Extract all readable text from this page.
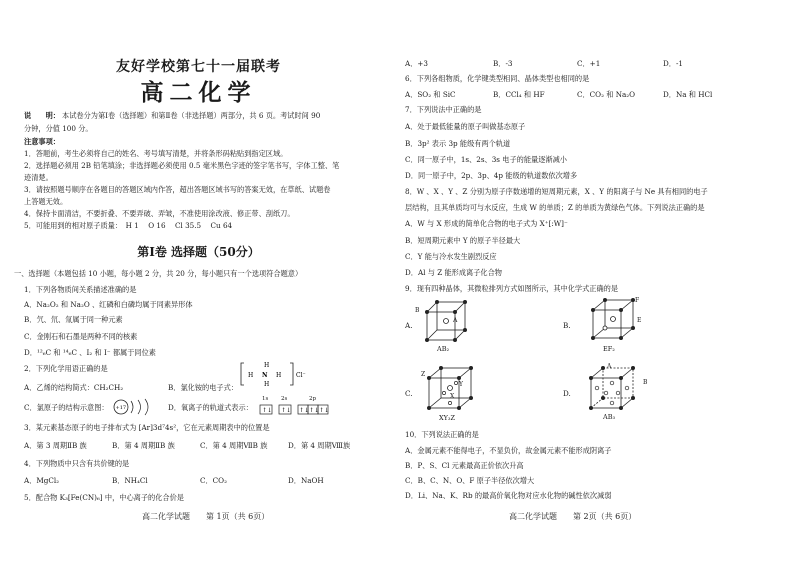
友好学校第七十一届联考
高二化学
说　　明： 本试卷分为第Ⅰ卷（选择题）和第Ⅱ卷（非选择题）两部分，共 6 页。考试时间 90
分钟，分值 100 分。
注意事项：
1．答题前，考生必须将自己的姓名、考号填写清楚，并将条形码粘贴到指定区域。
2．选择题必须用 2B 铅笔填涂；非选择题必须使用 0.5 毫米黑色字迹的签字笔书写，字体工整、笔
迹清楚。
3．请按照题号顺序在各题目的答题区域内作答，超出答题区域书写的答案无效，在草纸、试题卷
上答题无效。
4．保持卡面清洁，不要折叠、不要弄破、弄皱，不准使用涂改液、修正带、刮纸刀。
5．可能用到的相对原子质量：　H 1　 O 16　 Cl 35.5　 Cu 64
第Ⅰ卷 选择题（50分）
一、选择题（本题包括 10 小题，每小题 2 分，共 20 分，每小题只有一个选项符合题意）
1．下列各物质间关系描述准确的是
A．Na₂O₂ 和 Na₂O 、红磷和白磷均属于同素异形体
B．氕、氘、氚属于同一种元素
C．金刚石和石墨是两种不同的核素
D．¹²₆C 和 ¹⁴₆C 、I₂ 和 I⁻ 都属于同位素
2．下列化学用语正确的是
A．乙烯的结构简式：CH₂CH₂	B．氯化铵的电子式：
H
H N H
H
Cl⁻
C．氯原子的结构示意图： +17	D．氧离子的轨道式表示：
1s 2s	2p
↑↓ ↑↓ ↑↓ ↑↓ ↑↓
3．某元素基态原子的电子排布式为 [Ar]3d⁷4s²，它在元素周期表中的位置是
A．第 3 周期ⅡB 族	B．第 4 周期ⅡB 族	C．第 4 周期ⅦB 族	D．第 4 周期Ⅷ族
4．下列物质中只含有共价键的是
A．MgCl₂	B．NH₄Cl	C．CO₂	D．NaOH
5．配合物 K₃[Fe(CN)₆] 中，中心离子的化合价是
高二化学试题　　第 1页（共 6页）
A．+3	B．-3	C．+1	D．-1
6．下列各组物质，化学键类型相同、晶体类型也相同的是
A．SO₂ 和 SiC	B．CCl₄ 和 HF	C．CO₂ 和 Na₂O	D．Na 和 HCl
7．下列说法中正确的是
A．处于最低能量的原子叫做基态原子
B．3p² 表示 3p 能级有两个轨道
C．同一原子中，1s、2s、3s 电子的能量逐渐减小
D．同一原子中，2p、3p、4p 能级的轨道数依次增多
8．W 、X 、Y 、Z 分别为原子序数递增的短周期元素，X 、Y 的阳离子与 Ne 具有相同的电子
层结构，且其单质均可与水反应，生成 W 的单质；Z 的单质为黄绿色气体。下列说法正确的是
A．W 与 X 形成的简单化合物的电子式为 X⁺[:W]⁻
B．短周期元素中 Y 的原子半径最大
C．Y 能与冷水发生剧烈反应
D．Al 与 Z 能形成离子化合物
9．现有四种晶体，其微粒排列方式如图所示，其中化学式正确的是
A.
B
A
AB₂
B.
F
E
EF₂
C.
Z
X
Y
XY₃Z
D.
A
B
AB₃
10．下列说法正确的是
A．金属元素不能得电子，不显负价，故金属元素不能形成阴离子
B．P、S、Cl 元素最高正价依次升高
C．B、C、N、O、F 原子半径依次增大
D．Li、Na、K、Rb 的最高价氧化物对应水化物的碱性依次减弱
高二化学试题　　第 2页（共 6页）
